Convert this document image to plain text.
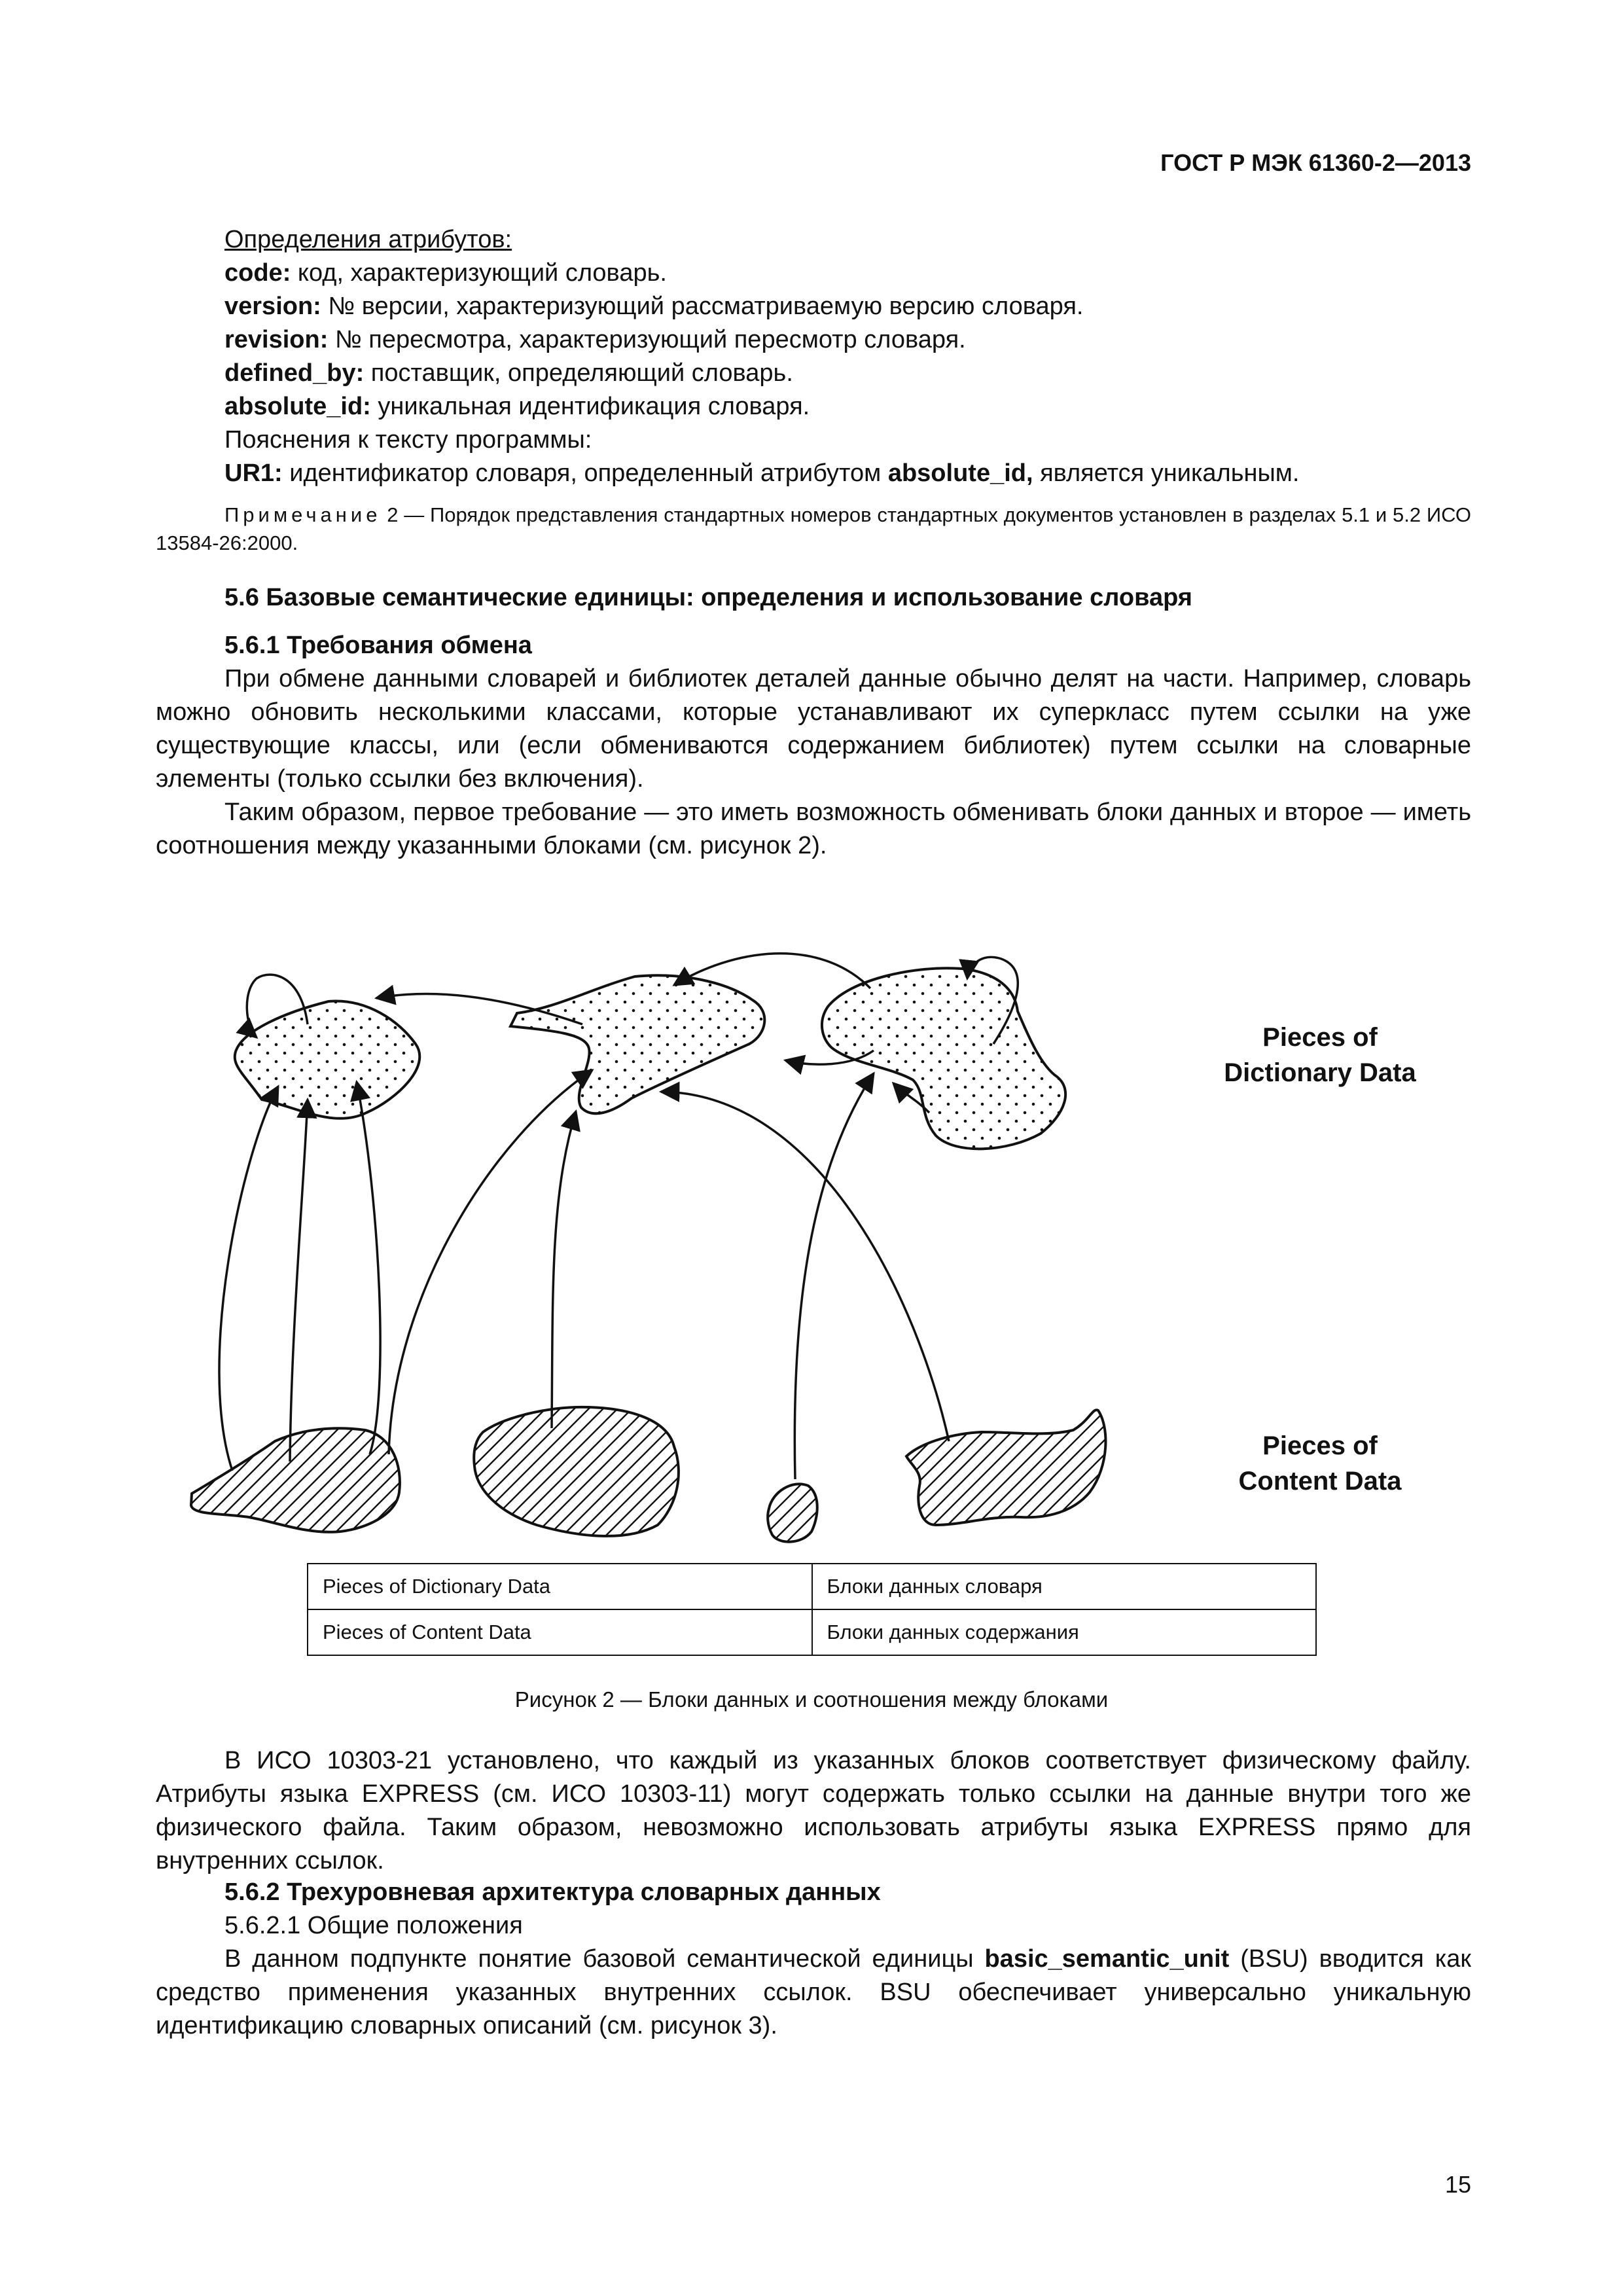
ГОСТ Р МЭК 61360-2—2013
Определения атрибутов:
code: код, характеризующий словарь.
version: № версии, характеризующий рассматриваемую версию словаря.
revision: № пересмотра, характеризующий пересмотр словаря.
defined_by: поставщик, определяющий словарь.
absolute_id: уникальная идентификация словаря.
Пояснения к тексту программы:
UR1: идентификатор словаря, определенный атрибутом absolute_id, является уникальным.
Примечание 2 — Порядок представления стандартных номеров стандартных документов установлен в разделах 5.1 и 5.2 ИСО 13584-26:2000.
5.6 Базовые семантические единицы: определения и использование словаря
5.6.1 Требования обмена

При обмене данными словарей и библиотек деталей данные обычно делят на части. Например, словарь можно обновить несколькими классами, которые устанавливают их суперкласс путем ссылки на уже существующие классы, или (если обмениваются содержанием библиотек) путем ссылки на словарные элементы (только ссылки без включения).

Таким образом, первое требование — это иметь возможность обменивать блоки данных и второе — иметь соотношения между указанными блоками (см. рисунок 2).

Pieces of
Dictionary Data
Pieces of
Content Data
Pieces of Dictionary Data	Блоки данных словаря
Pieces of Content Data	Блоки данных содержания
Рисунок 2 — Блоки данных и соотношения между блоками

В ИСО 10303-21 установлено, что каждый из указанных блоков соответствует физическому файлу. Атрибуты языка EXPRESS (см. ИСО 10303-11) могут содержать только ссылки на данные внутри того же физического файла. Таким образом, невозможно использовать атрибуты языка EXPRESS прямо для внутренних ссылок.

5.6.2 Трехуровневая архитектура словарных данных
5.6.2.1 Общие положения

В данном подпункте понятие базовой семантической единицы basic_semantic_unit (BSU) вводится как средство применения указанных внутренних ссылок. BSU обеспечивает универсально уникальную идентификацию словарных описаний (см. рисунок 3).

15
